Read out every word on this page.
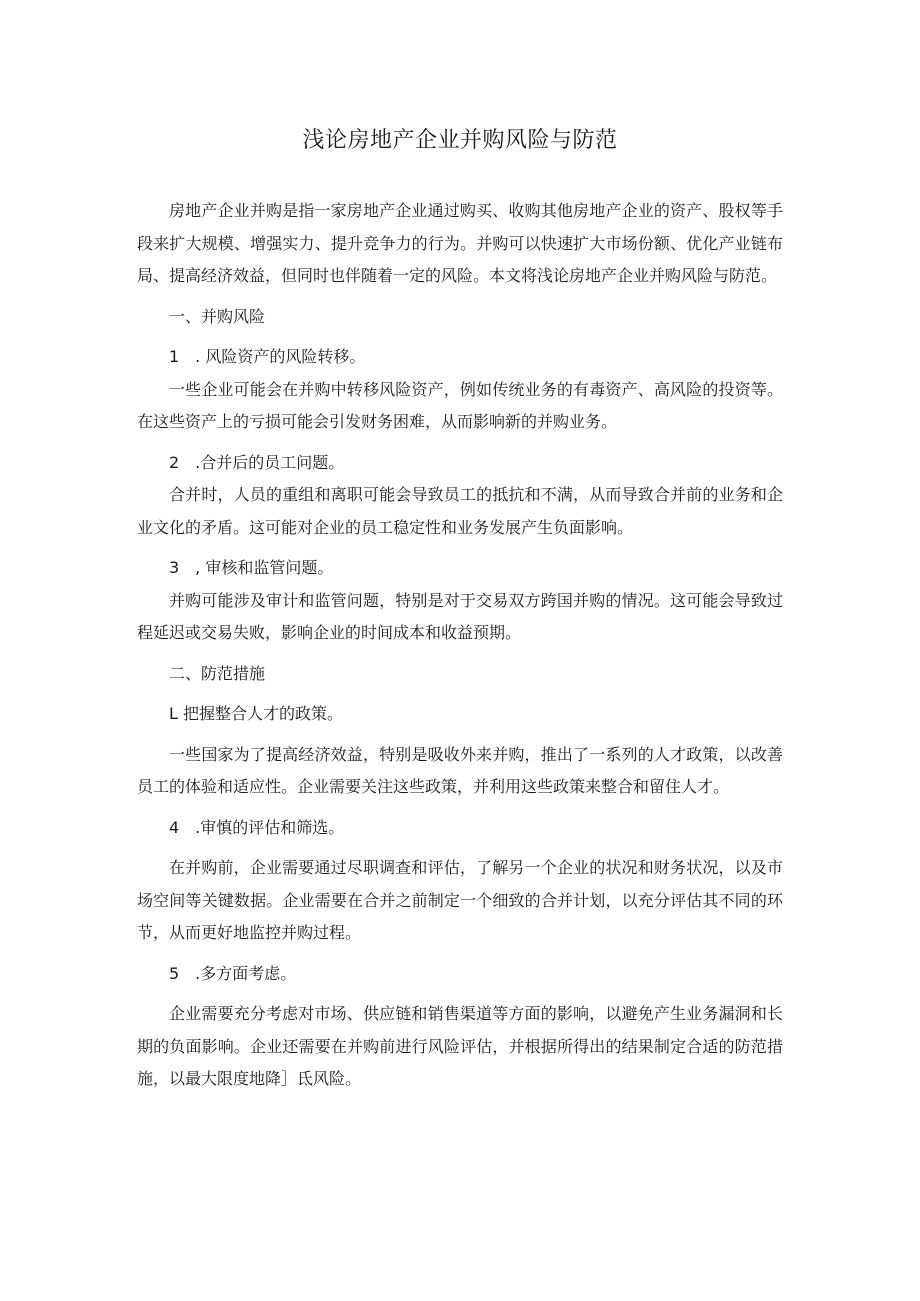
浅论房地产企业并购风险与防范

房地产企业并购是指一家房地产企业通过购买、收购其他房地产企业的资产、股权等手段来扩大规模、增强实力、提升竞争力的行为。并购可以快速扩大市场份额、优化产业链布局、提高经济效益，但同时也伴随着一定的风险。本文将浅论房地产企业并购风险与防范。

一、并购风险

1　. 风险资产的风险转移。

一些企业可能会在并购中转移风险资产，例如传统业务的有毒资产、高风险的投资等。在这些资产上的亏损可能会引发财务困难，从而影响新的并购业务。

2　.合并后的员工问题。

合并时，人员的重组和离职可能会导致员工的抵抗和不满，从而导致合并前的业务和企业文化的矛盾。这可能对企业的员工稳定性和业务发展产生负面影响。

3　, 审核和监管问题。

并购可能涉及审计和监管问题，特别是对于交易双方跨国并购的情况。这可能会导致过程延迟或交易失败，影响企业的时间成本和收益预期。

二、防范措施

L 把握整合人才的政策。

一些国家为了提高经济效益，特别是吸收外来并购，推出了一系列的人才政策，以改善员工的体验和适应性。企业需要关注这些政策，并利用这些政策来整合和留住人才。

4　.审慎的评估和筛选。

在并购前，企业需要通过尽职调查和评估，了解另一个企业的状况和财务状况，以及市场空间等关键数据。企业需要在合并之前制定一个细致的合并计划，以充分评估其不同的环节，从而更好地监控并购过程。

5　.多方面考虑。

企业需要充分考虑对市场、供应链和销售渠道等方面的影响，以避免产生业务漏洞和长期的负面影响。企业还需要在并购前进行风险评估，并根据所得出的结果制定合适的防范措施，以最大限度地降］氐风险。
